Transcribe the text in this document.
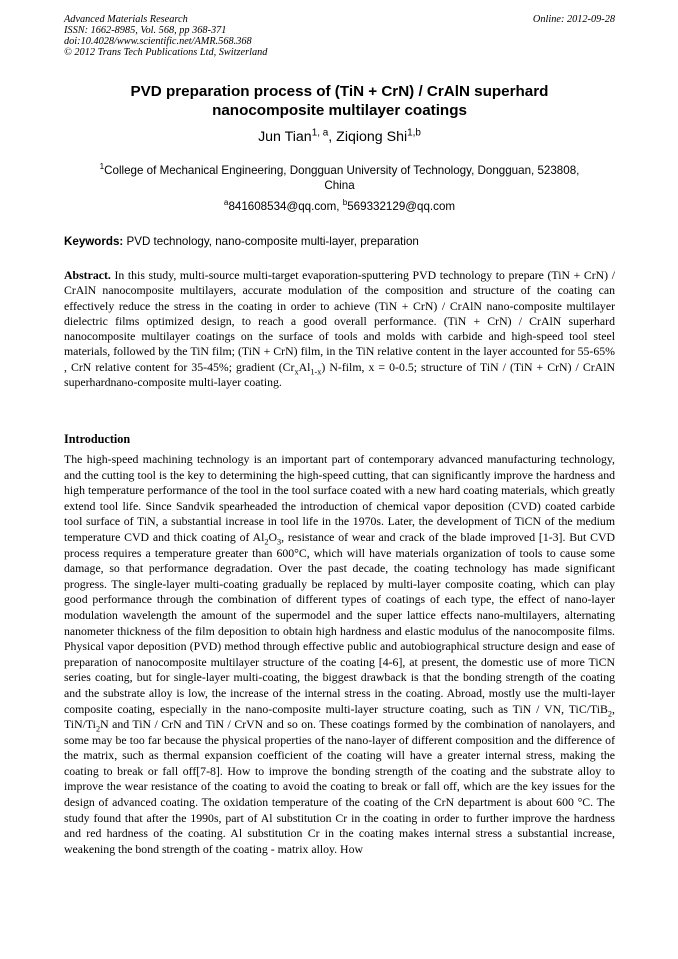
Advanced Materials Research
ISSN: 1662-8985, Vol. 568, pp 368-371
doi:10.4028/www.scientific.net/AMR.568.368
© 2012 Trans Tech Publications Ltd, Switzerland
Online: 2012-09-28
PVD preparation process of (TiN + CrN) / CrAlN superhard
nanocomposite multilayer coatings
Jun Tian$^{1, a}$, Ziqiong Shi$^{1,b}$
$^1$College of Mechanical Engineering, Dongguan University of Technology, Dongguan, 523808,
China
$^a$841608534@qq.com, $^b$569332129@qq.com
Keywords: PVD technology, nano-composite multi-layer, preparation
Abstract. In this study, multi-source multi-target evaporation-sputtering PVD technology to prepare (TiN + CrN) / CrAlN nanocomposite multilayers, accurate modulation of the composition and structure of the coating can effectively reduce the stress in the coating in order to achieve (TiN + CrN) / CrAlN nano-composite multilayer dielectric films optimized design, to reach a good overall performance. (TiN + CrN) / CrAlN superhard nanocomposite multilayer coatings on the surface of tools and molds with carbide and high-speed tool steel materials, followed by the TiN film; (TiN + CrN) film, in the TiN relative content in the layer accounted for 55-65% , CrN relative content for 35-45%; gradient $(Cr_xAl_{1-x})$ N-film, x = 0-0.5; structure of TiN / (TiN + CrN) / CrAlN superhardnano-composite multi-layer coating.
Introduction
The high-speed machining technology is an important part of contemporary advanced manufacturing technology, and the cutting tool is the key to determining the high-speed cutting, that can significantly improve the hardness and high temperature performance of the tool in the tool surface coated with a new hard coating materials, which greatly extend tool life. Since Sandvik spearheaded the introduction of chemical vapor deposition (CVD) coated carbide tool surface of TiN, a substantial increase in tool life in the 1970s. Later, the development of TiCN of the medium temperature CVD and thick coating of $Al_2O_3$, resistance of wear and crack of the blade improved [1-3]. But CVD process requires a temperature greater than 600°C, which will have materials organization of tools to cause some damage, so that performance degradation. Over the past decade, the coating technology has made significant progress. The single-layer multi-coating gradually be replaced by multi-layer composite coating, which can play good performance through the combination of different types of coatings of each type, the effect of nano-layer modulation wavelength the amount of the supermodel and the super lattice effects nano-multilayers, alternating nanometer thickness of the film deposition to obtain high hardness and elastic modulus of the nanocomposite films. Physical vapor deposition (PVD) method through effective public and autobiographical structure design and ease of preparation of nanocomposite multilayer structure of the coating [4-6], at present, the domestic use of more TiCN series coating, but for single-layer multi-coating, the biggest drawback is that the bonding strength of the coating and the substrate alloy is low, the increase of the internal stress in the coating. Abroad, mostly use the multi-layer composite coating, especially in the nano-composite multi-layer structure coating, such as TiN / VN, TiC/TiB$_2$, TiN/$Ti_2N$ and TiN / CrN and TiN / CrVN and so on. These coatings formed by the combination of nanolayers, and some may be too far because the physical properties of the nano-layer of different composition and the difference of the matrix, such as thermal expansion coefficient of the coating will have a greater internal stress, making the coating to break or fall off[7-8]. How to improve the bonding strength of the coating and the substrate alloy to improve the wear resistance of the coating to avoid the coating to break or fall off, which are the key issues for the design of advanced coating. The oxidation temperature of the coating of the CrN department is about 600 °C. The study found that after the 1990s, part of Al substitution Cr in the coating in order to further improve the hardness and red hardness of the coating. Al substitution Cr in the coating makes internal stress a substantial increase, weakening the bond strength of the coating - matrix alloy. How
